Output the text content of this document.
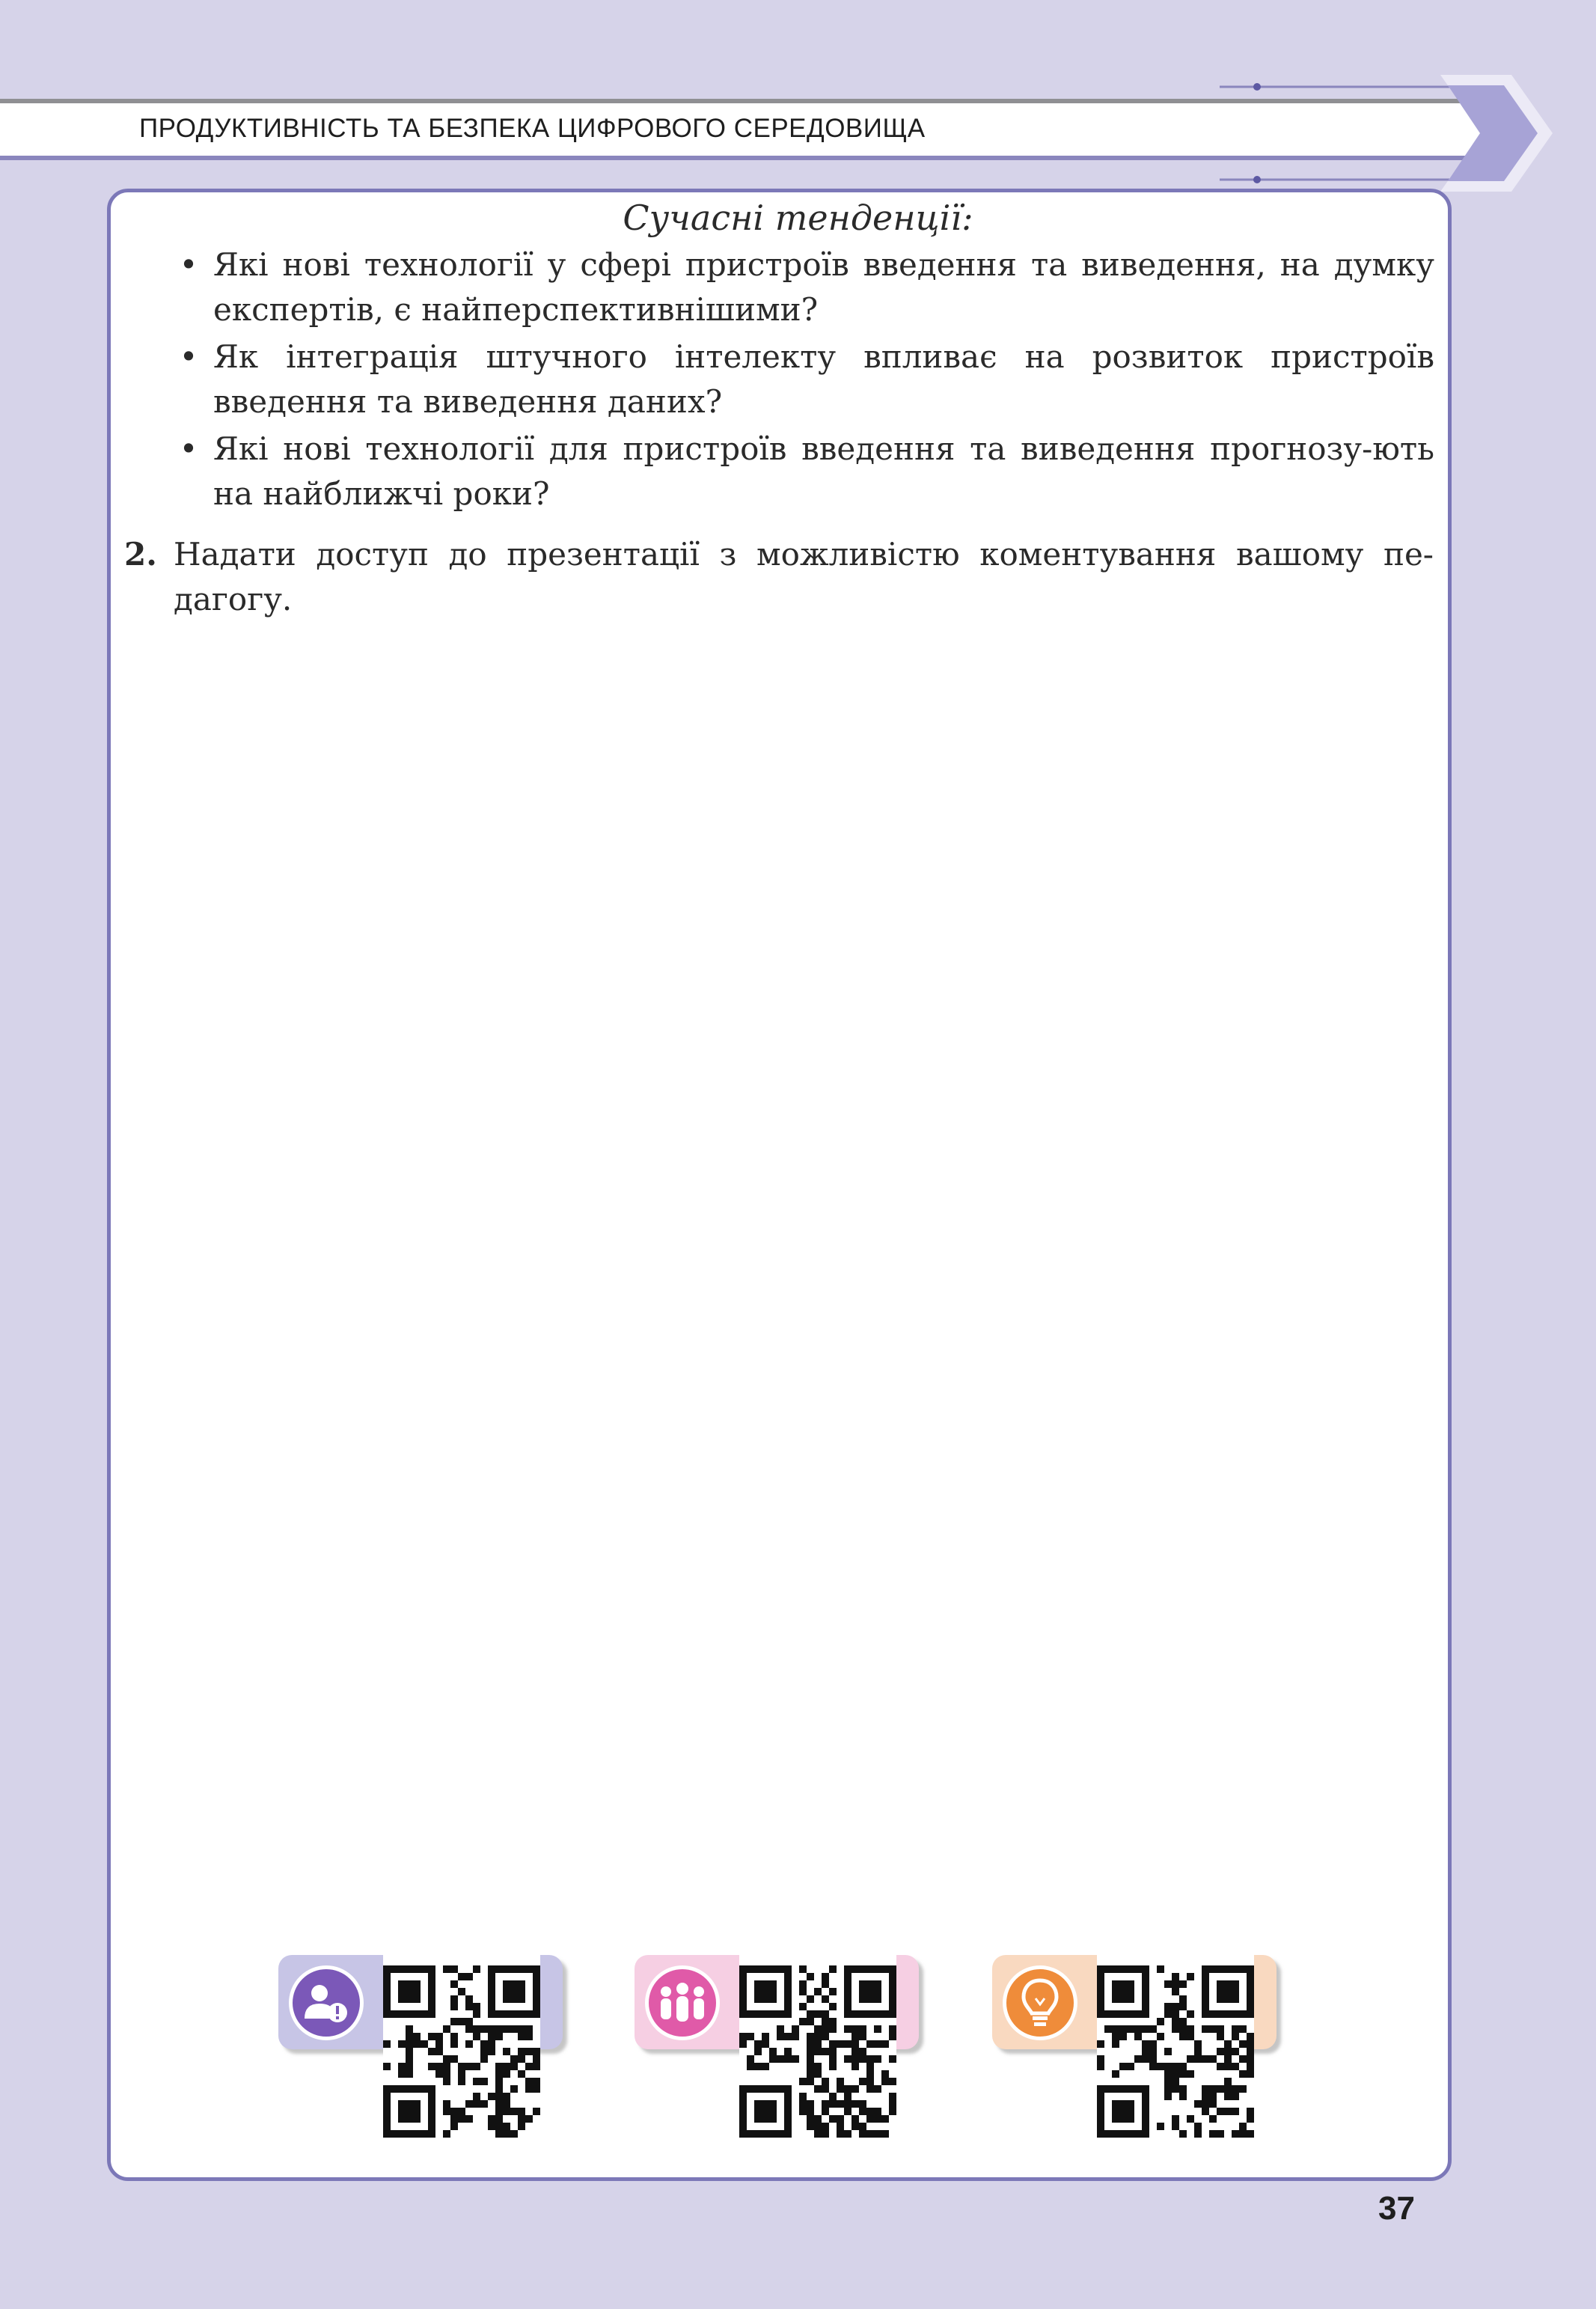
ПРОДУКТИВНІСТЬ ТА БЕЗПЕКА ЦИФРОВОГО СЕРЕДОВИЩА
Сучасні тенденції:
• Які нові технології у сфері пристроїв введення та виведення, на думку експертів, є найперспективнішими?
• Як інтеграція штучного інтелекту впливає на розвиток пристроїв введення та виведення даних?
• Які нові технології для пристроїв введення та виведення прогнозу-ють на найближчі роки?
2. Надати доступ до презентації з можливістю коментування вашому пе-дагогу.
37
